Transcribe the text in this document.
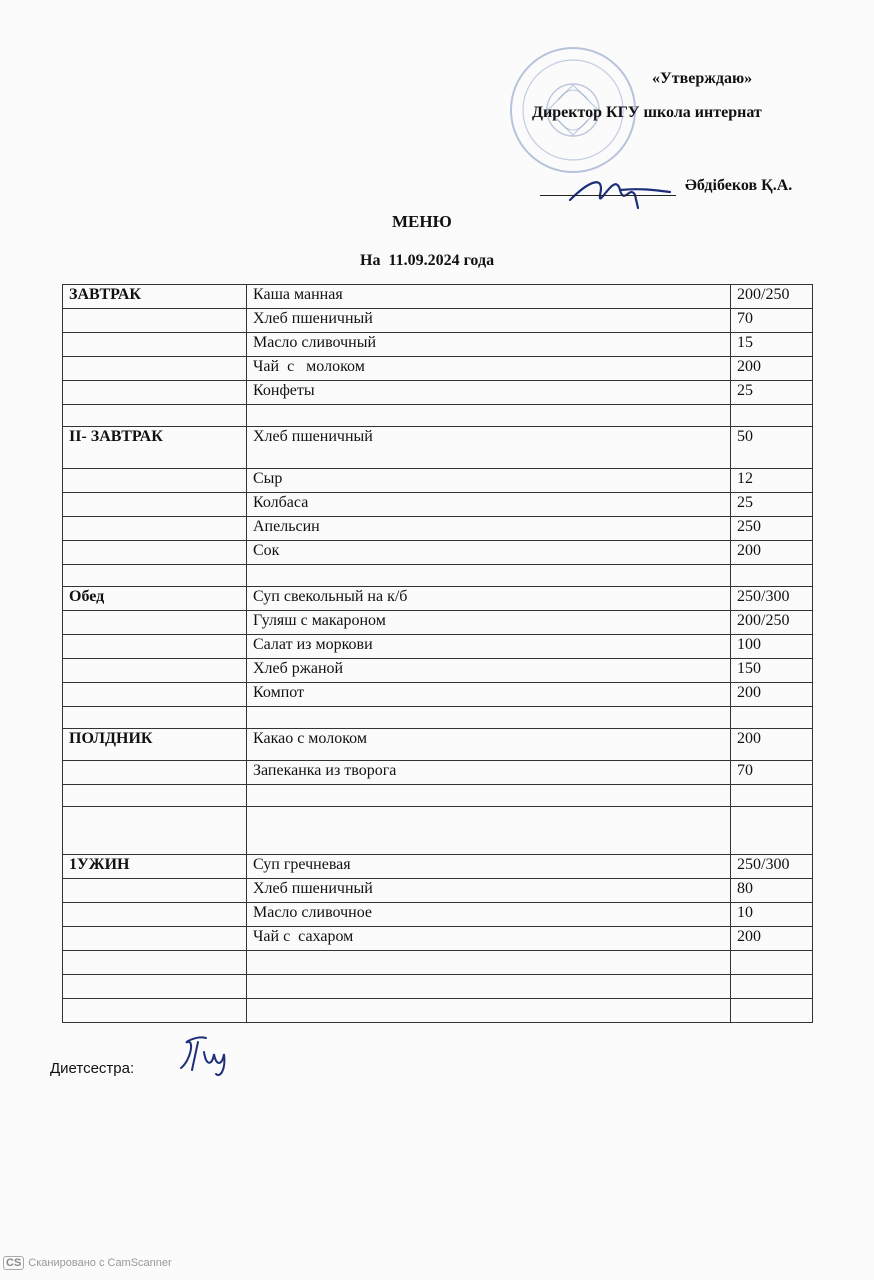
«Утверждаю»
Директор КГУ школа интернат
Әбдібеков Қ.А.
МЕНЮ
На  11.09.2024 года
ЗАВТРАК	Каша манная	200/250
	Хлеб пшеничный	70
	Масло сливочный	15
	Чай  с   молоком	200
	Конфеты	25

II- ЗАВТРАК	Хлеб пшеничный	50
	Сыр	12
	Колбаса	25
	Апельсин	250
	Сок	200

Обед	Суп свекольный на к/б	250/300
	Гуляш с макароном	200/250
	Салат из моркови	100
	Хлеб ржаной	150
	Компот	200

ПОЛДНИК	Какао с молоком	200
	Запеканка из творога	70

1УЖИН	Суп гречневая	250/300
	Хлеб пшеничный	80
	Масло сливочное	10
	Чай с  сахаром	200

Диетсестра:
CS Сканировано с CamScanner
